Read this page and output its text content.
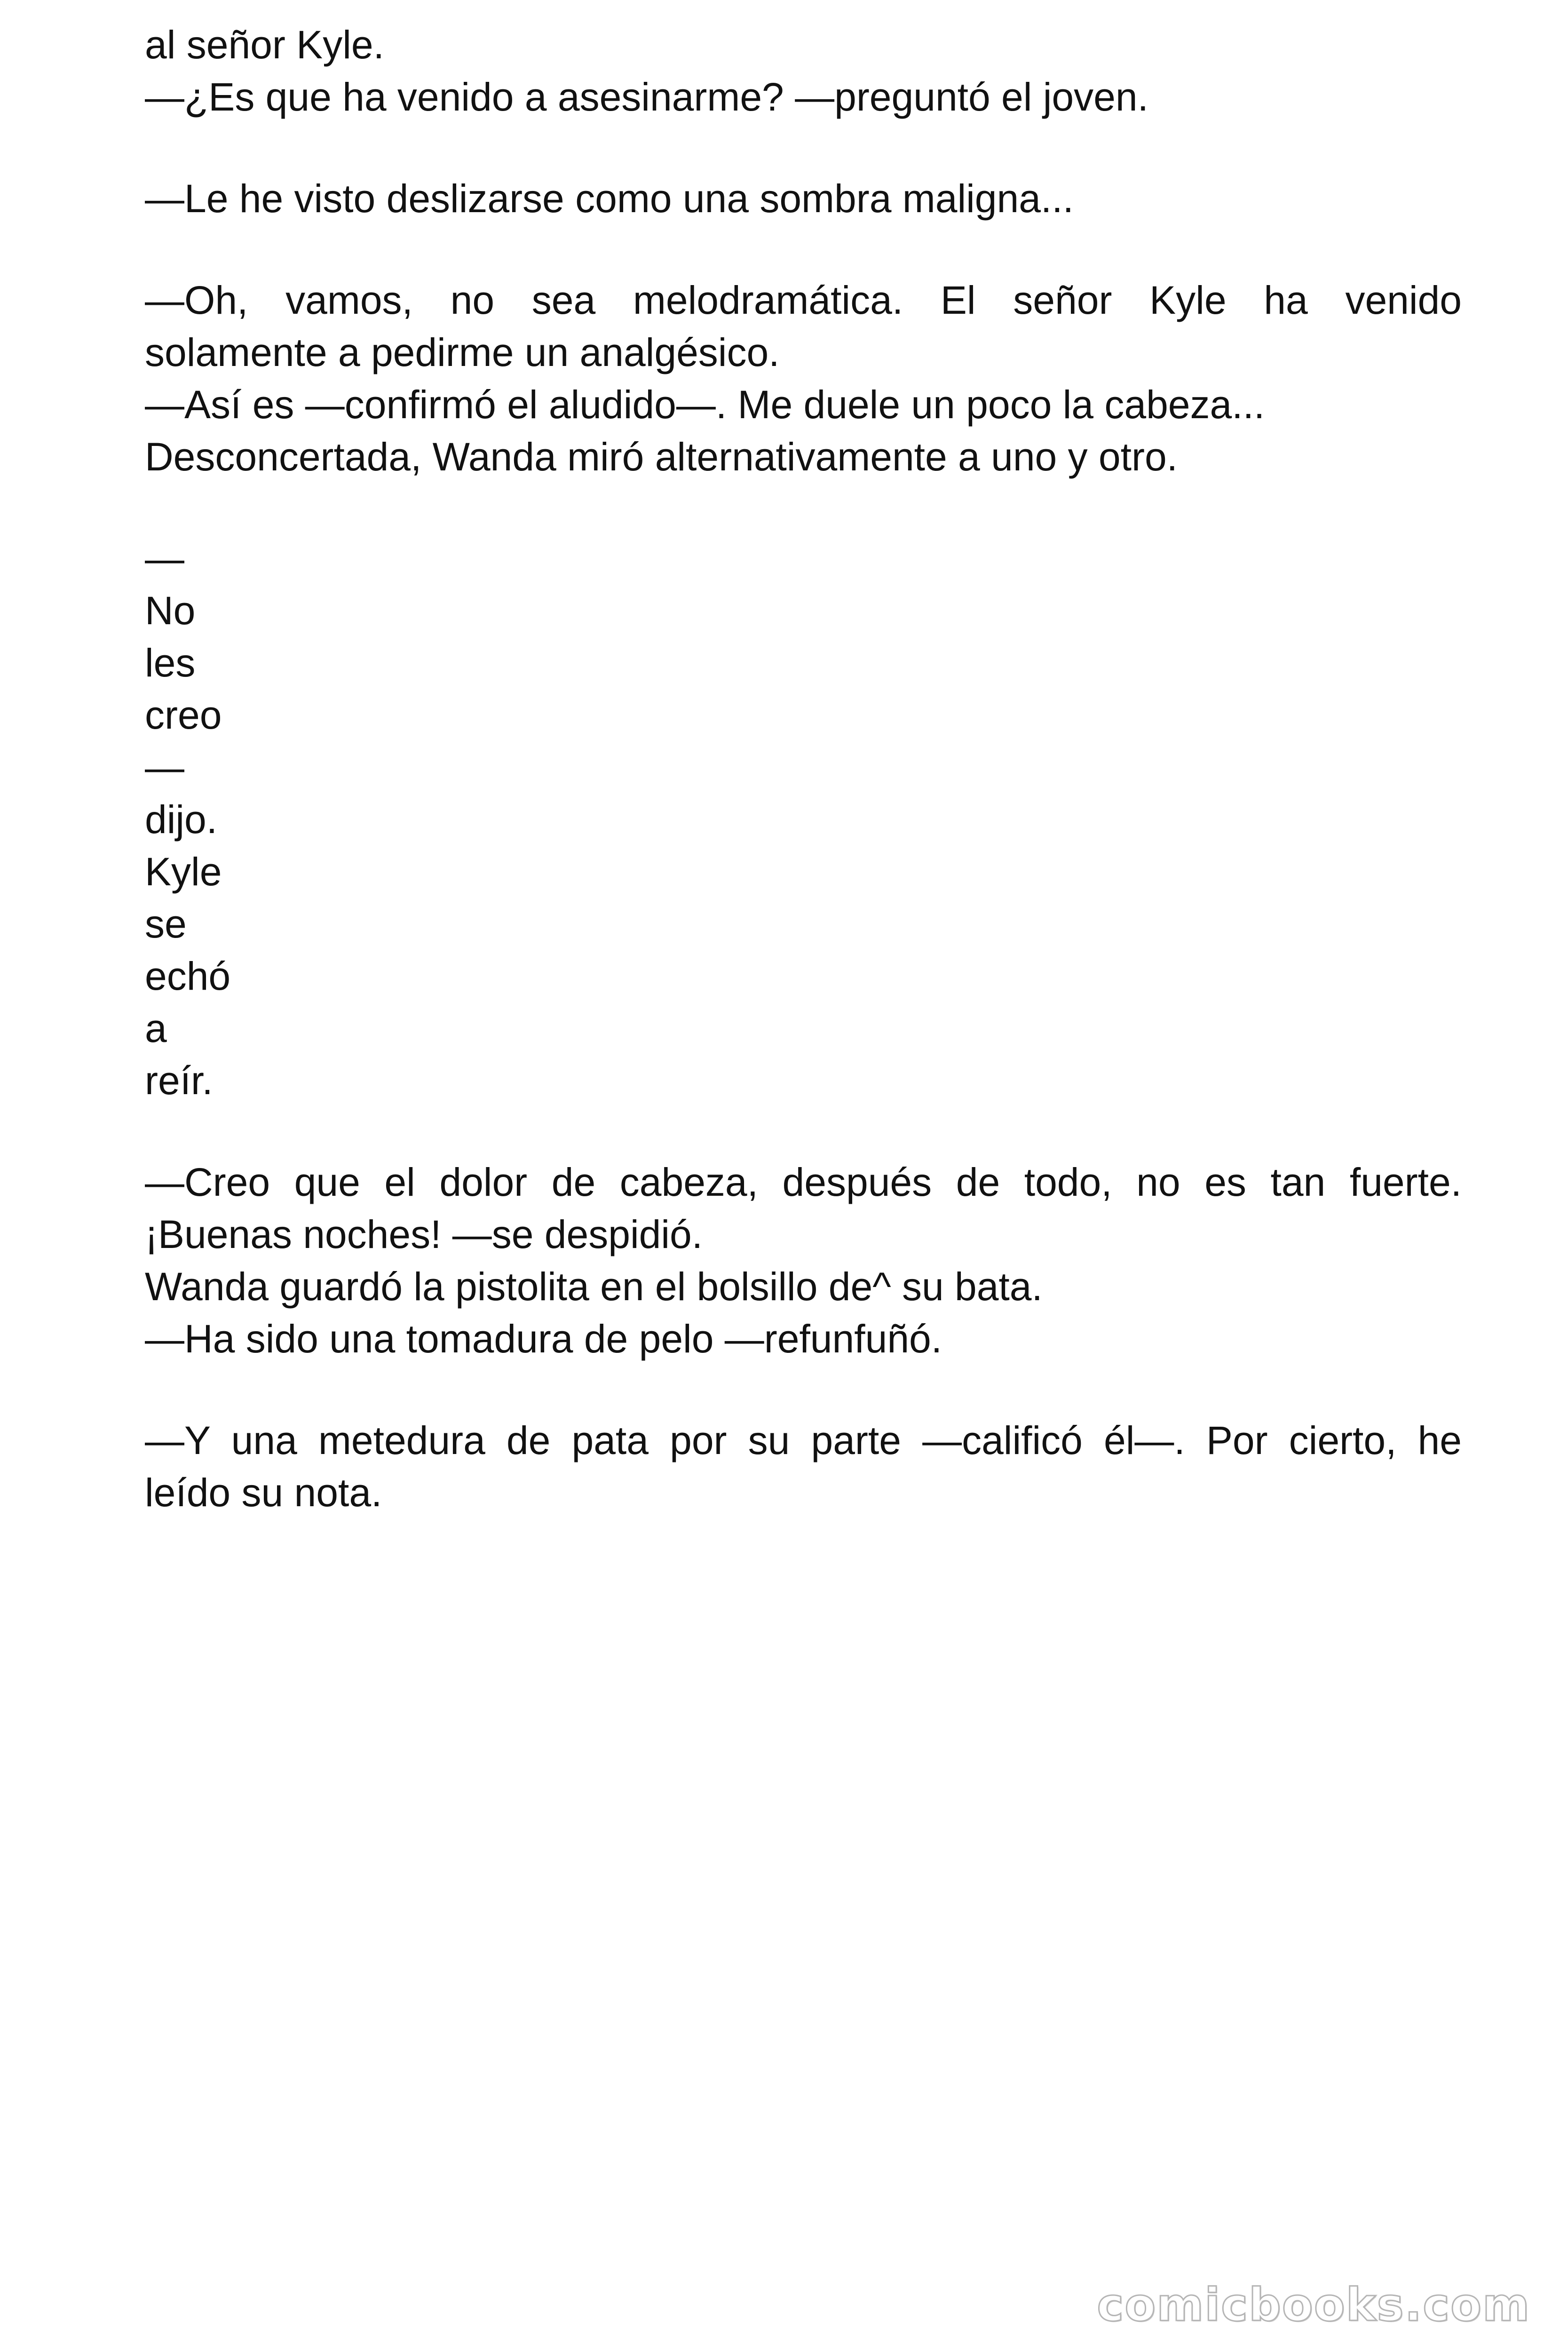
al señor Kyle.
—¿Es que ha venido a asesinarme? —preguntó el joven.
—Le he visto deslizarse como una sombra maligna...
—Oh, vamos, no sea melodramática. El señor Kyle ha venido
solamente a pedirme un analgésico.
—Así es —confirmó el aludido—. Me duele un poco la cabeza...
Desconcertada, Wanda miró alternativamente a uno y otro.
—
No
les
creo
—
dijo.
Kyle
se
echó
a
reír.
—Creo que el dolor de cabeza, después de todo, no es tan fuerte.
¡Buenas noches! —se despidió.
Wanda guardó la pistolita en el bolsillo de^ su bata.
—Ha sido una tomadura de pelo —refunfuñó.
—Y una metedura de pata por su parte —calificó él—. Por cierto, he
leído su nota.
comicbooks.com
